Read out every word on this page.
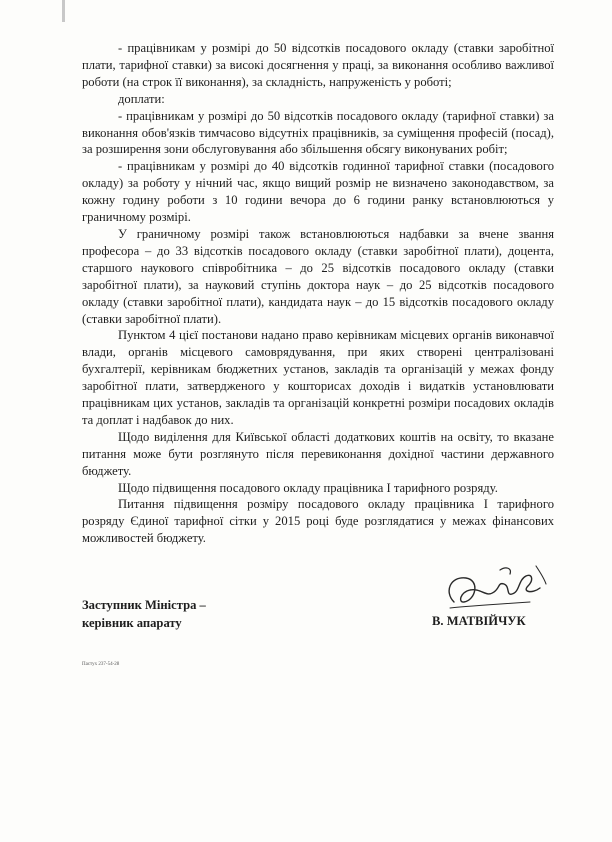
- працівникам у розмірі до 50 відсотків посадового окладу (ставки заробітної плати, тарифної ставки) за високі досягнення у праці, за виконання особливо важливої роботи (на строк її виконання), за складність, напруженість у роботі;

доплати:

- працівникам у розмірі до 50 відсотків посадового окладу (тарифної ставки) за виконання обов'язків тимчасово відсутніх працівників, за суміщення професій (посад), за розширення зони обслуговування або збільшення обсягу виконуваних робіт;

- працівникам у розмірі до 40 відсотків годинної тарифної ставки (посадового окладу) за роботу у нічний час, якщо вищий розмір не визначено законодавством, за кожну годину роботи з 10 години вечора до 6 години ранку встановлюються у граничному розмірі.

У граничному розмірі також встановлюються надбавки за вчене звання професора – до 33 відсотків посадового окладу (ставки заробітної плати), доцента, старшого наукового співробітника – до 25 відсотків посадового окладу (ставки заробітної плати), за науковий ступінь доктора наук – до 25 відсотків посадового окладу (ставки заробітної плати), кандидата наук – до 15 відсотків посадового окладу (ставки заробітної плати).

Пунктом 4 цієї постанови надано право керівникам місцевих органів виконавчої влади, органів місцевого самоврядування, при яких створені централізовані бухгалтерії, керівникам бюджетних установ, закладів та організацій у межах фонду заробітної плати, затвердженого у кошторисах доходів і видатків установлювати працівникам цих установ, закладів та організацій конкретні розміри посадових окладів та доплат і надбавок до них.

Щодо виділення для Київської області додаткових коштів на освіту, то вказане питання може бути розглянуто після перевиконання дохідної частини державного бюджету.

Щодо підвищення посадового окладу працівника І тарифного розряду.

Питання підвищення розміру посадового окладу працівника І тарифного розряду Єдиної тарифної сітки у 2015 році буде розглядатися у межах фінансових можливостей бюджету.

Заступник Міністра –
керівник апарату	В. МАТВІЙЧУК
Пастух 237-54-28
